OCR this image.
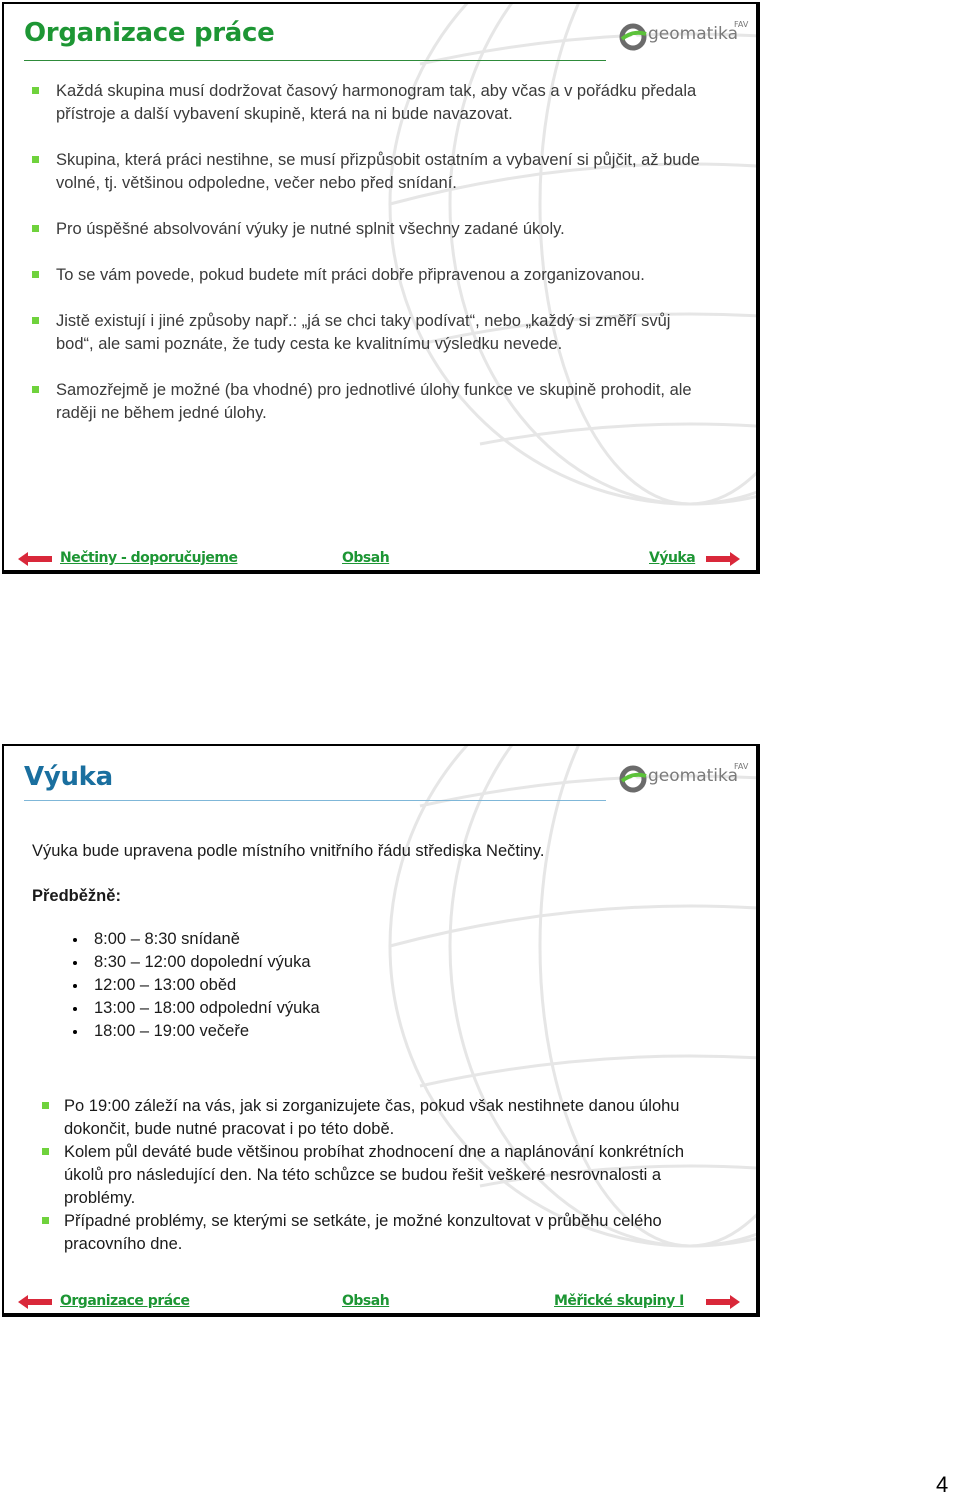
Organizace práce	geomatika
FAV
Každá skupina musí dodržovat časový harmonogram tak, aby včas a v pořádku předala přístroje a další vybavení skupině, která na ni bude navazovat.
Skupina, která práci nestihne, se musí přizpůsobit ostatním a vybavení si půjčit, až bude volné, tj. většinou odpoledne, večer nebo před snídaní.
Pro úspěšné absolvování výuky je nutné splnit všechny zadané úkoly.
To se vám povede, pokud budete mít práci dobře připravenou a zorganizovanou.
Jistě existují i jiné způsoby např.: „já se chci taky podívat“, nebo „každý si změří svůj bod“, ale sami poznáte, že tudy cesta ke kvalitnímu výsledku nevede.
Samozřejmě je možné (ba vhodné) pro jednotlivé úlohy funkce ve skupině prohodit, ale raději ne během jedné úlohy.
Nečtiny - doporučujeme	Obsah	Výuka
Výuka	geomatika
FAV

Výuka bude upravena podle místního vnitřního řádu střediska Nečtiny.

Předběžně:

8:00 – 8:30 snídaně
8:30 – 12:00 dopolední výuka
12:00 – 13:00 oběd
13:00 – 18:00 odpolední výuka
18:00 – 19:00 večeře
Po 19:00 záleží na vás, jak si zorganizujete čas, pokud však nestihnete danou úlohu dokončit, bude nutné pracovat i po této době.
Kolem půl deváté bude většinou probíhat zhodnocení dne a naplánování konkrétních úkolů pro následující den. Na této schůzce se budou řešit veškeré nesrovnalosti a problémy.
Případné problémy, se kterými se setkáte, je možné konzultovat v průběhu celého pracovního dne.
Organizace práce	Obsah	Měřické skupiny I
4
